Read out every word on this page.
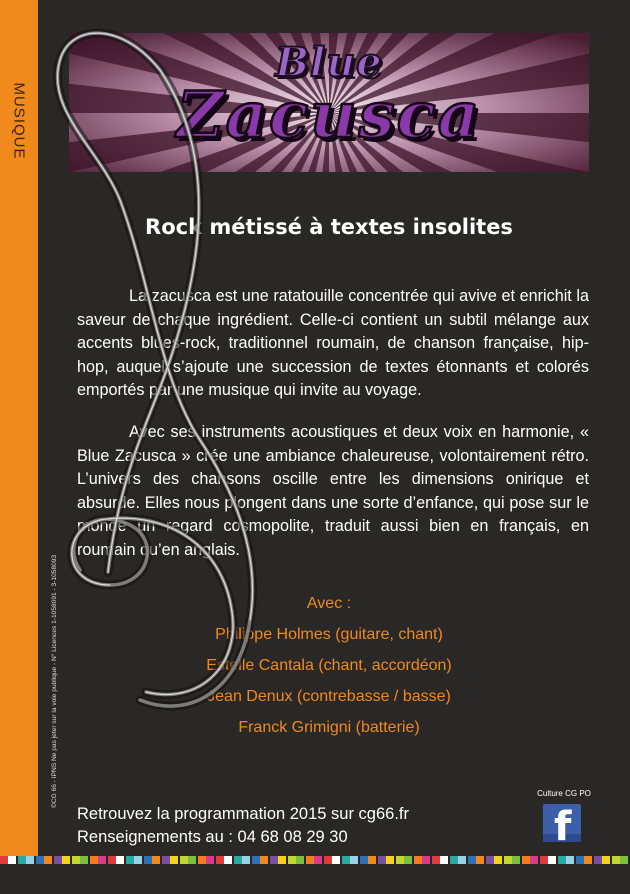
MUSIQUE
©CG 66 - IPNS Ne pas jeter sur la voie publique - N° Licences 1-1058091 - 3-1058093
Blue
Zacusca
Rock métissé à textes insolites
La zacusca est une ratatouille concentrée qui avive et enrichit la saveur de chaque ingrédient. Celle-ci contient un subtil mélange aux accents blues-rock, traditionnel roumain, de chanson française, hip-hop, auquel s’ajoute une succession de textes étonnants et colorés emportés par une musique qui invite au voyage.
Avec ses instruments acoustiques et deux voix en harmonie, « Blue Zacusca » crée une ambiance chaleureuse, volontairement rétro. L’univers des chansons oscille entre les dimensions onirique et absurde. Elles nous plongent dans une sorte d’enfance, qui pose sur le monde un regard cosmopolite, traduit aussi bien en français, en roumain qu’en anglais.
Avec :
Philippe Holmes (guitare, chant)
Estelle Cantala (chant, accordéon)
Jean Denux (contrebasse / basse)
Franck Grimigni (batterie)
Retrouvez la programmation 2015 sur cg66.fr
Renseignements au : 04 68 08 29 30
Culture CG PO
f
